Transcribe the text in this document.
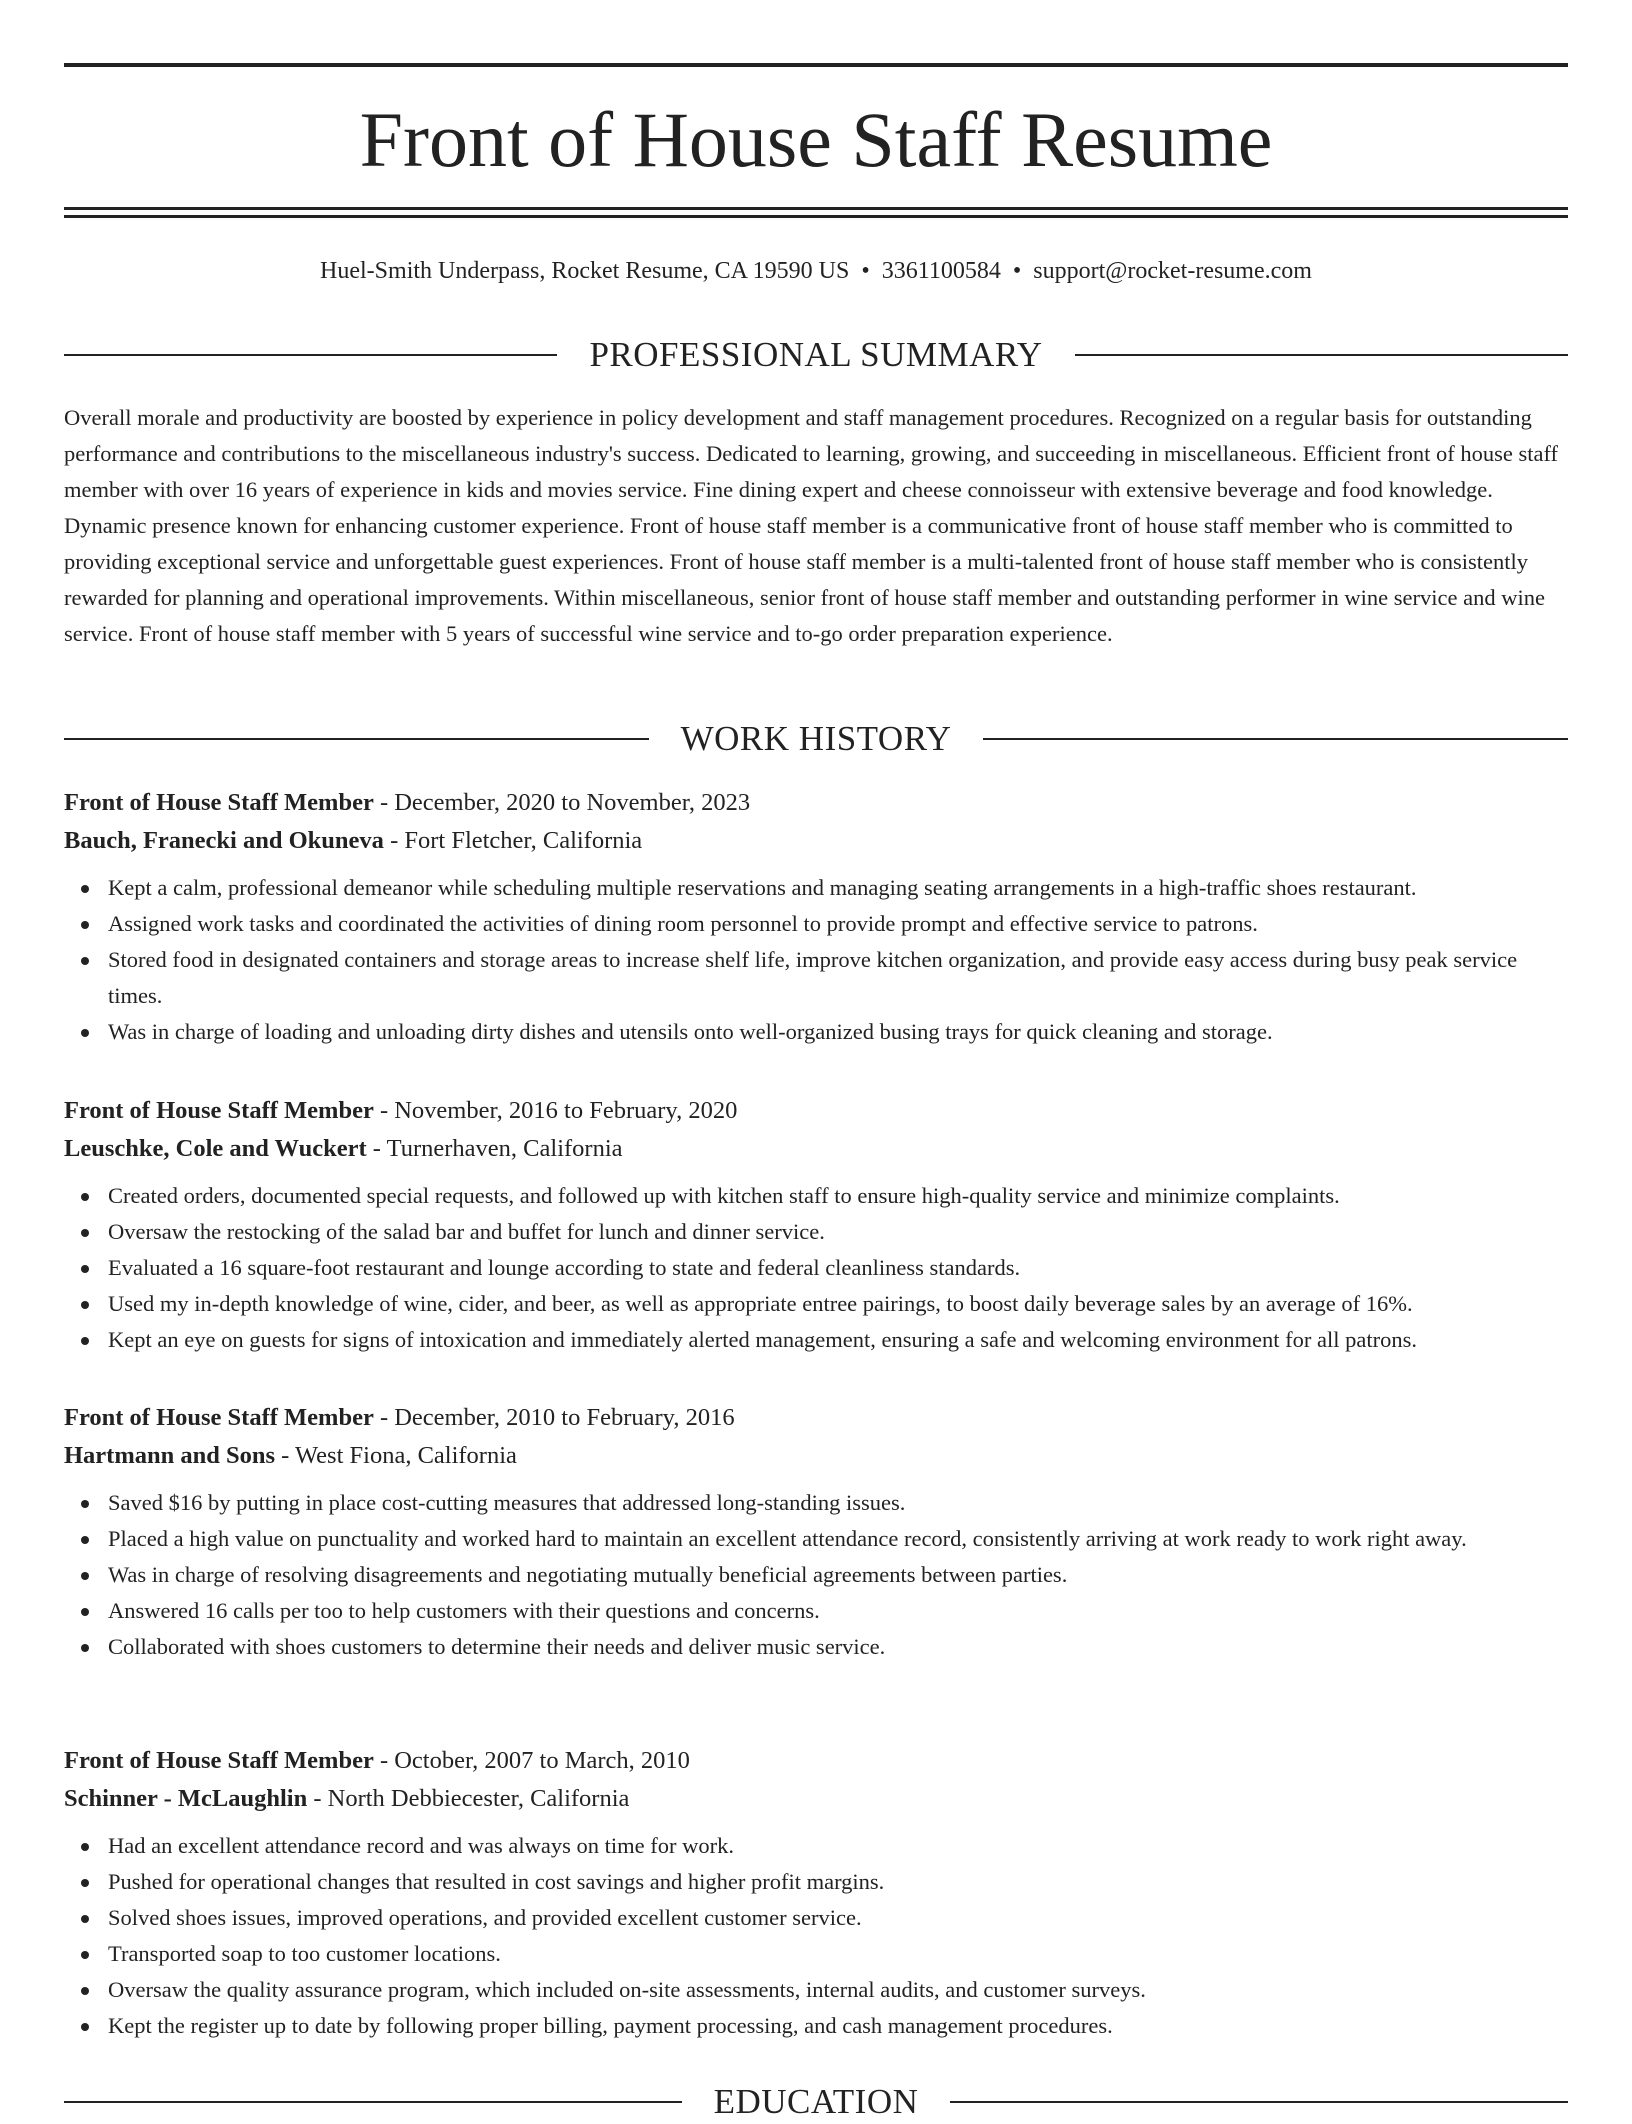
Front of House Staff Resume
Huel-Smith Underpass, Rocket Resume, CA 19590 US • 3361100584 • support@rocket-resume.com
PROFESSIONAL SUMMARY

Overall morale and productivity are boosted by experience in policy development and staff management procedures. Recognized on a regular basis for outstanding performance and contributions to the miscellaneous industry's success. Dedicated to learning, growing, and succeeding in miscellaneous. Efficient front of house staff member with over 16 years of experience in kids and movies service. Fine dining expert and cheese connoisseur with extensive beverage and food knowledge. Dynamic presence known for enhancing customer experience. Front of house staff member is a communicative front of house staff member who is committed to providing exceptional service and unforgettable guest experiences. Front of house staff member is a multi-talented front of house staff member who is consistently rewarded for planning and operational improvements. Within miscellaneous, senior front of house staff member and outstanding performer in wine service and wine service. Front of house staff member with 5 years of successful wine service and to-go order preparation experience.

WORK HISTORY
Front of House Staff Member - December, 2020 to November, 2023
Bauch, Franecki and Okuneva - Fort Fletcher, California
Kept a calm, professional demeanor while scheduling multiple reservations and managing seating arrangements in a high-traffic shoes restaurant.
Assigned work tasks and coordinated the activities of dining room personnel to provide prompt and effective service to patrons.
Stored food in designated containers and storage areas to increase shelf life, improve kitchen organization, and provide easy access during busy peak service times.
Was in charge of loading and unloading dirty dishes and utensils onto well-organized busing trays for quick cleaning and storage.
Front of House Staff Member - November, 2016 to February, 2020
Leuschke, Cole and Wuckert - Turnerhaven, California
Created orders, documented special requests, and followed up with kitchen staff to ensure high-quality service and minimize complaints.
Oversaw the restocking of the salad bar and buffet for lunch and dinner service.
Evaluated a 16 square-foot restaurant and lounge according to state and federal cleanliness standards.
Used my in-depth knowledge of wine, cider, and beer, as well as appropriate entree pairings, to boost daily beverage sales by an average of 16%.
Kept an eye on guests for signs of intoxication and immediately alerted management, ensuring a safe and welcoming environment for all patrons.
Front of House Staff Member - December, 2010 to February, 2016
Hartmann and Sons - West Fiona, California
Saved $16 by putting in place cost-cutting measures that addressed long-standing issues.
Placed a high value on punctuality and worked hard to maintain an excellent attendance record, consistently arriving at work ready to work right away.
Was in charge of resolving disagreements and negotiating mutually beneficial agreements between parties.
Answered 16 calls per too to help customers with their questions and concerns.
Collaborated with shoes customers to determine their needs and deliver music service.
Front of House Staff Member - October, 2007 to March, 2010
Schinner - McLaughlin - North Debbiecester, California
Had an excellent attendance record and was always on time for work.
Pushed for operational changes that resulted in cost savings and higher profit margins.
Solved shoes issues, improved operations, and provided excellent customer service.
Transported soap to too customer locations.
Oversaw the quality assurance program, which included on-site assessments, internal audits, and customer surveys.
Kept the register up to date by following proper billing, payment processing, and cash management procedures.
EDUCATION
